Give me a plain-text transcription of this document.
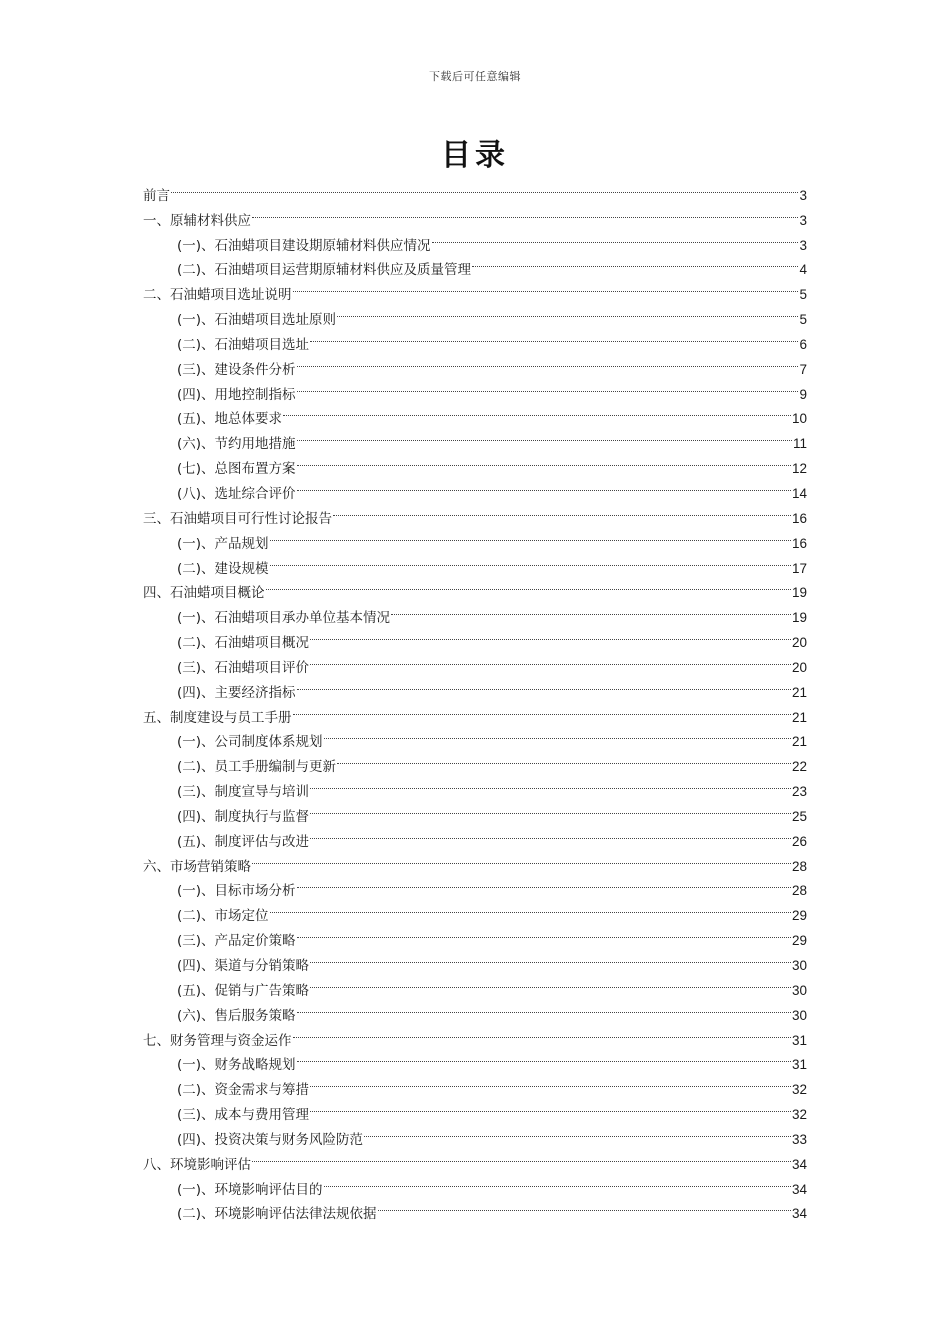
下载后可任意编辑
目录
前言	3
一、原辅材料供应	3
(一)、石油蜡项目建设期原辅材料供应情况	3
(二)、石油蜡项目运营期原辅材料供应及质量管理	4
二、石油蜡项目选址说明	5
(一)、石油蜡项目选址原则	5
(二)、石油蜡项目选址	6
(三)、建设条件分析	7
(四)、用地控制指标	9
(五)、地总体要求	10
(六)、节约用地措施	11
(七)、总图布置方案	12
(八)、选址综合评价	14
三、石油蜡项目可行性讨论报告	16
(一)、产品规划	16
(二)、建设规模	17
四、石油蜡项目概论	19
(一)、石油蜡项目承办单位基本情况	19
(二)、石油蜡项目概况	20
(三)、石油蜡项目评价	20
(四)、主要经济指标	21
五、制度建设与员工手册	21
(一)、公司制度体系规划	21
(二)、员工手册编制与更新	22
(三)、制度宣导与培训	23
(四)、制度执行与监督	25
(五)、制度评估与改进	26
六、市场营销策略	28
(一)、目标市场分析	28
(二)、市场定位	29
(三)、产品定价策略	29
(四)、渠道与分销策略	30
(五)、促销与广告策略	30
(六)、售后服务策略	30
七、财务管理与资金运作	31
(一)、财务战略规划	31
(二)、资金需求与筹措	32
(三)、成本与费用管理	32
(四)、投资决策与财务风险防范	33
八、环境影响评估	34
(一)、环境影响评估目的	34
(二)、环境影响评估法律法规依据	34
